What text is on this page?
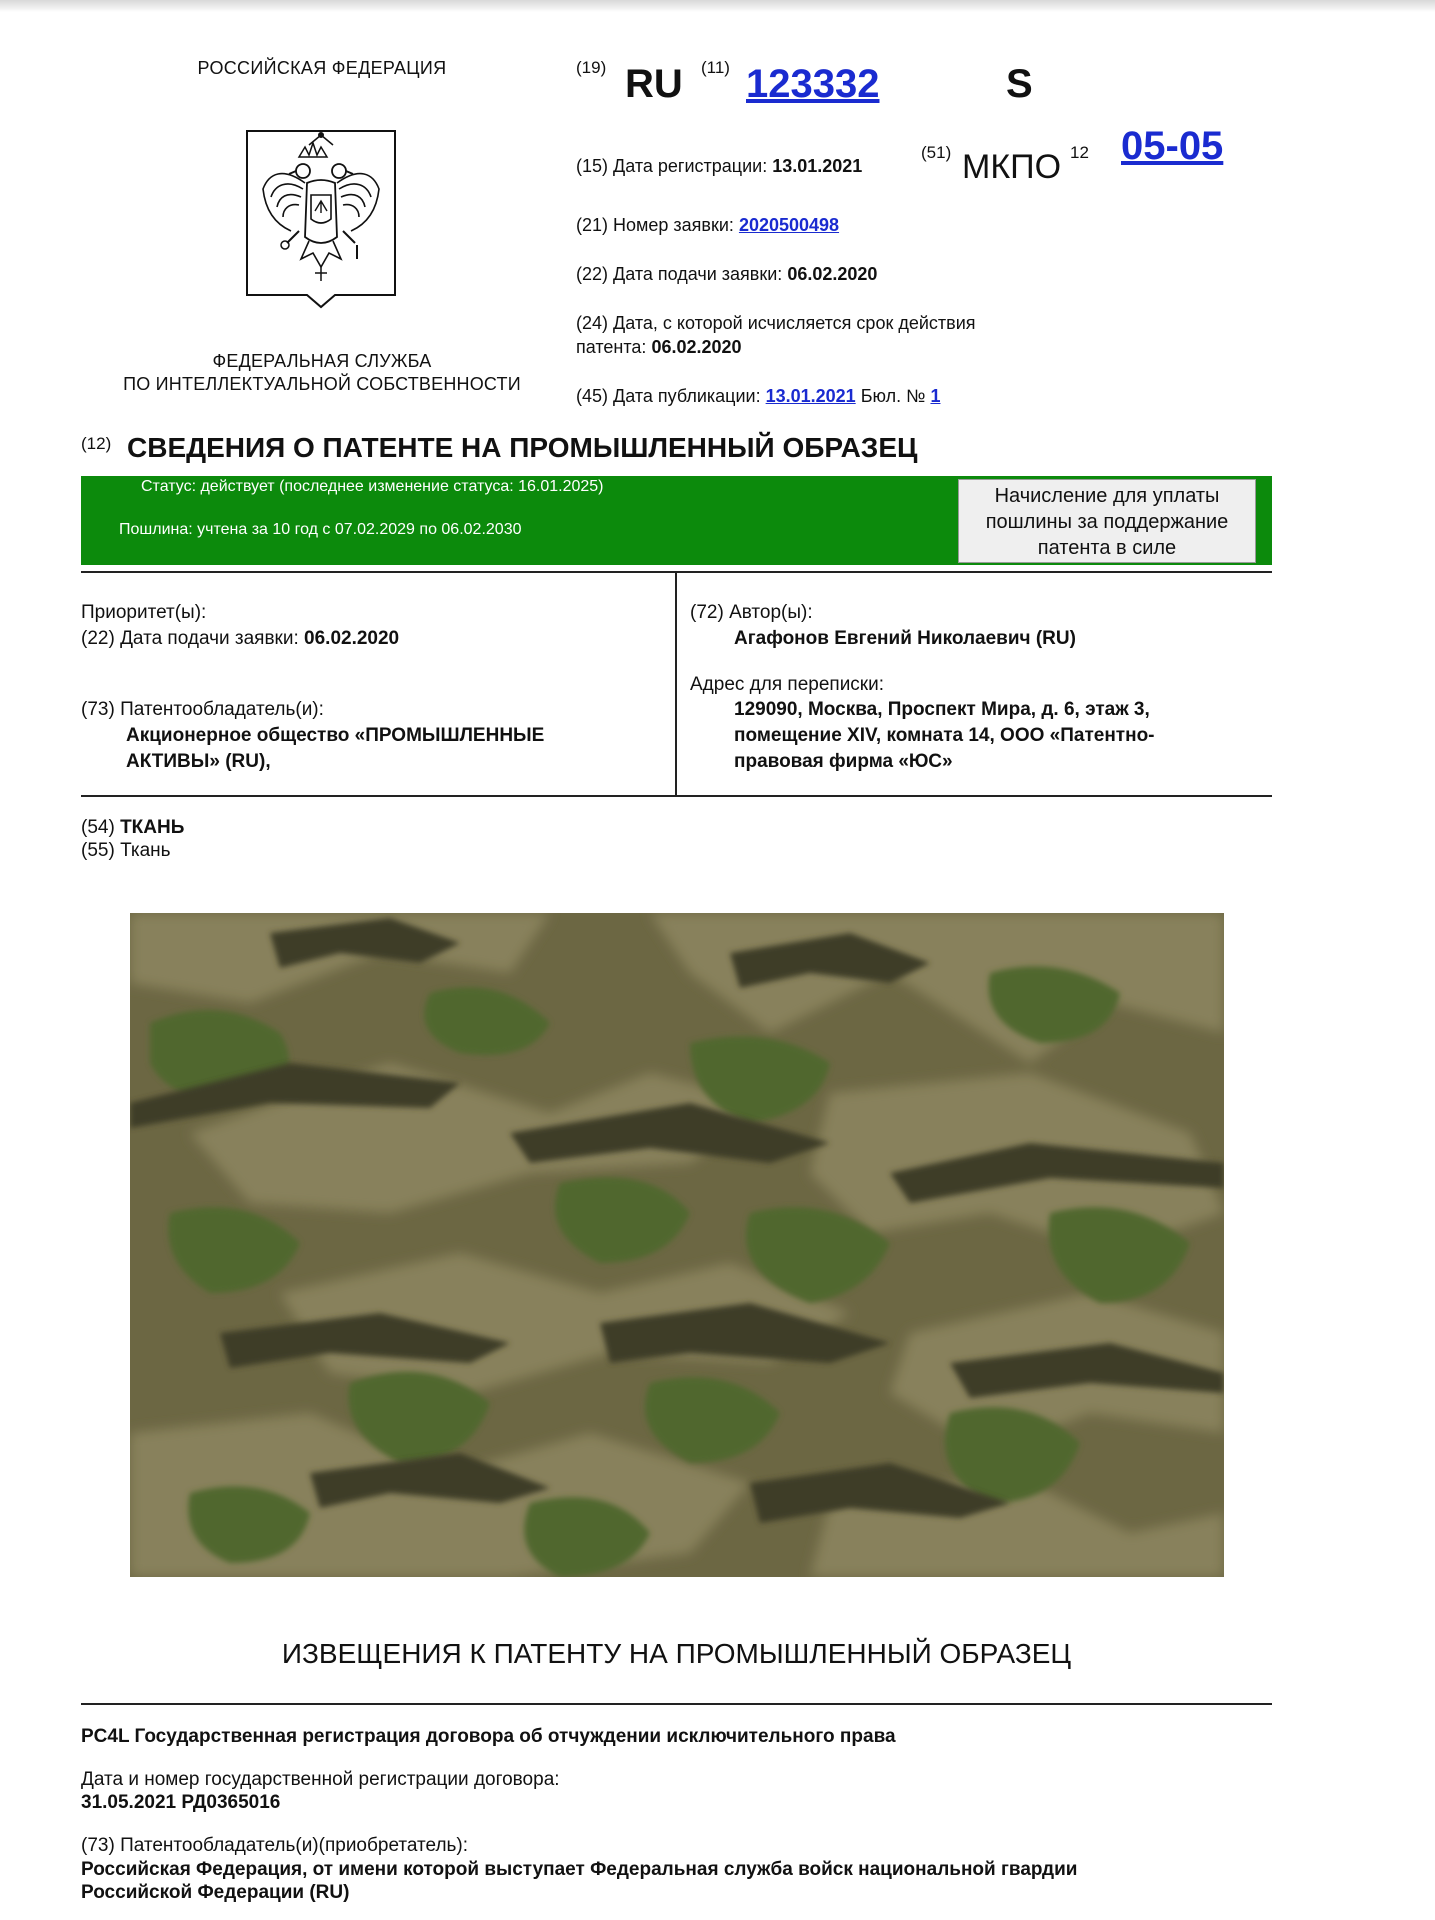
РОССИЙСКАЯ ФЕДЕРАЦИЯ
ФЕДЕРАЛЬНАЯ СЛУЖБА
ПО ИНТЕЛЛЕКТУАЛЬНОЙ СОБСТВЕННОСТИ
(19) RU (11) 123332	S
(15) Дата регистрации: 13.01.2021
(51) МКПО 12 05-05
(21) Номер заявки: 2020500498
(22) Дата подачи заявки: 06.02.2020
(24) Дата, с которой исчисляется срок действия
патента: 06.02.2020
(45) Дата публикации: 13.01.2021 Бюл. № 1
(12) СВЕДЕНИЯ О ПАТЕНТЕ НА ПРОМЫШЛЕННЫЙ ОБРАЗЕЦ
Статус: действует (последнее изменение статуса: 16.01.2025)
Пошлина: учтена за 10 год с 07.02.2029 по 06.02.2030
Начисление для уплаты
пошлины за поддержание
патента в силе
Приоритет(ы):
(22) Дата подачи заявки: 06.02.2020
(73) Патентообладатель(и):
Акционерное общество «ПРОМЫШЛЕННЫЕ
АКТИВЫ» (RU),
(72) Автор(ы):
Агафонов Евгений Николаевич (RU)
Адрес для переписки:
129090, Москва, Проспект Мира, д. 6, этаж 3,
помещение XIV, комната 14, ООО «Патентно-
правовая фирма «ЮС»
(54) ТКАНЬ
(55) Ткань
ИЗВЕЩЕНИЯ К ПАТЕНТУ НА ПРОМЫШЛЕННЫЙ ОБРАЗЕЦ
PC4L Государственная регистрация договора об отчуждении исключительного права
Дата и номер государственной регистрации договора:
31.05.2021 РД0365016
(73) Патентообладатель(и)(приобретатель):
Российская Федерация, от имени которой выступает Федеральная служба войск национальной гвардии
Российской Федерации (RU)
